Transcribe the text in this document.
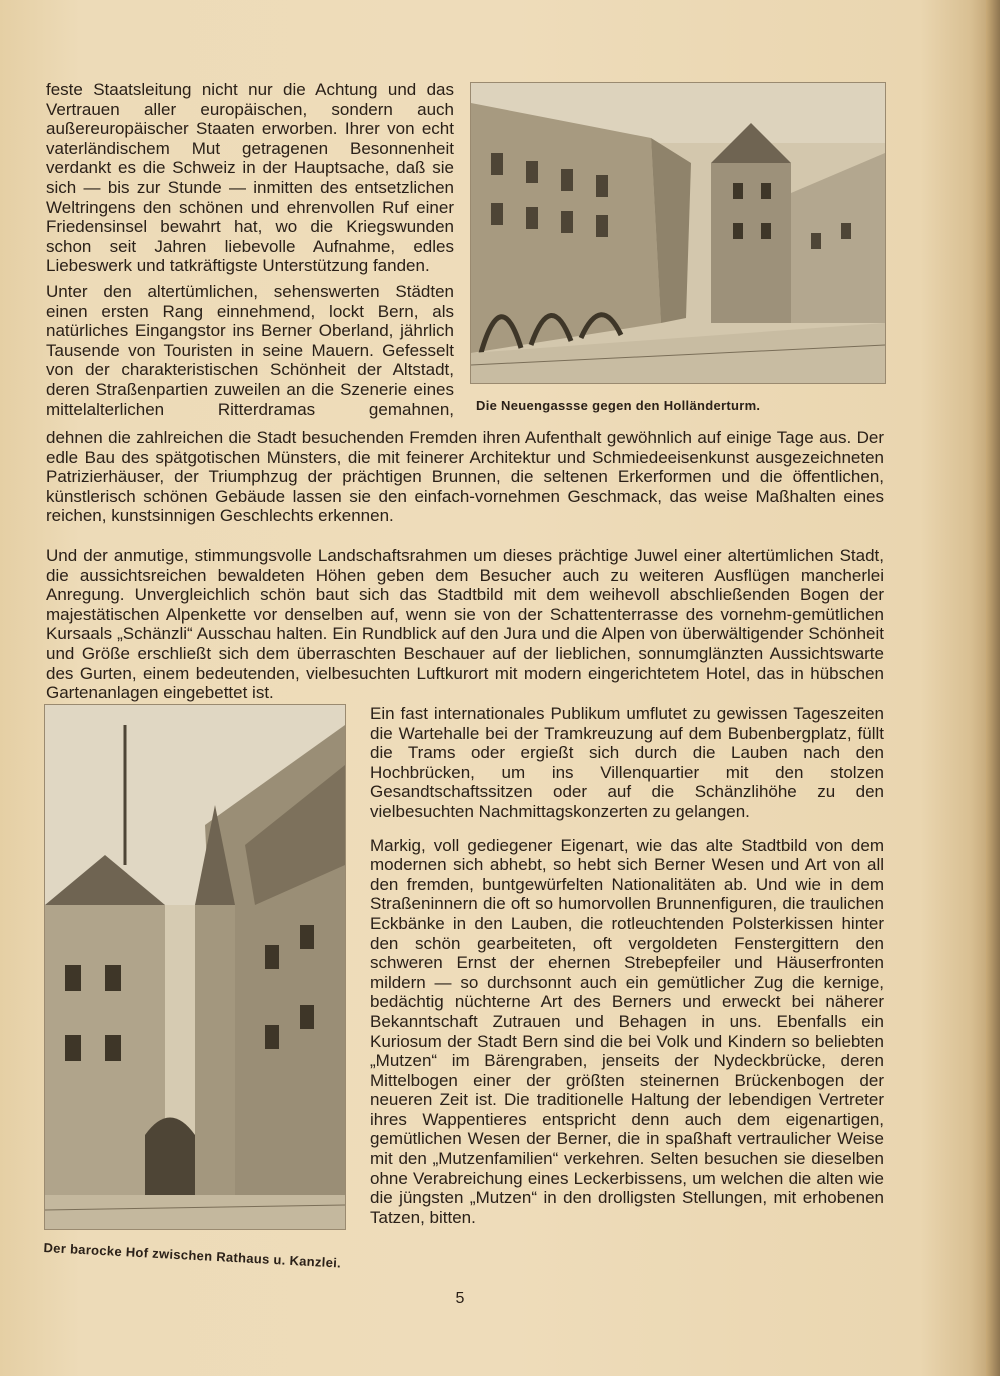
feste Staatsleitung nicht nur die Achtung und das Vertrauen aller europäischen, sondern auch außereuropäischer Staaten erworben. Ihrer von echt vaterländischem Mut getragenen Besonnenheit verdankt es die Schweiz in der Hauptsache, daß sie sich — bis zur Stunde — inmitten des entsetzlichen Weltringens den schönen und ehrenvollen Ruf einer Friedensinsel bewahrt hat, wo die Kriegswunden schon seit Jahren liebevolle Aufnahme, edles Liebeswerk und tatkräftigste Unterstützung fanden.

Unter den altertümlichen, sehenswerten Städten einen ersten Rang einnehmend, lockt Bern, als natürliches Eingangstor ins Berner Oberland, jährlich Tausende von Touristen in seine Mauern. Gefesselt von der charakteristischen Schönheit der Altstadt, deren Straßenpartien zuweilen an die Szenerie eines mittelalterlichen Ritterdramas gemahnen, Die Neuengassse gegen den Holländerturm.

dehnen die zahlreichen die Stadt besuchenden Fremden ihren Aufenthalt gewöhnlich auf einige Tage aus. Der edle Bau des spätgotischen Münsters, die mit feinerer Architektur und Schmiedeeisenkunst ausgezeichneten Patrizierhäuser, der Triumphzug der prächtigen Brunnen, die seltenen Erkerformen und die öffentlichen, künstlerisch schönen Gebäude lassen sie den einfach-vornehmen Geschmack, das weise Maßhalten eines reichen, kunstsinnigen Geschlechts erkennen.

Und der anmutige, stimmungsvolle Landschaftsrahmen um dieses prächtige Juwel einer altertümlichen Stadt, die aussichtsreichen bewaldeten Höhen geben dem Besucher auch zu weiteren Ausflügen mancherlei Anregung. Unvergleichlich schön baut sich das Stadtbild mit dem weihevoll abschließenden Bogen der majestätischen Alpenkette vor denselben auf, wenn sie von der Schattenterrasse des vornehm-gemütlichen Kursaals „Schänzli“ Ausschau halten. Ein Rundblick auf den Jura und die Alpen von überwältigender Schönheit und Größe erschließt sich dem überraschten Beschauer auf der lieblichen, sonnumglänzten Aussichtswarte des Gurten, einem bedeutenden, vielbesuchten Luftkurort mit modern eingerichtetem Hotel, das in hübschen Gartenanlagen eingebettet ist.

Der barocke Hof zwischen Rathaus u. Kanzlei.

Ein fast internationales Publikum umflutet zu gewissen Tageszeiten die Wartehalle bei der Tramkreuzung auf dem Bubenbergplatz, füllt die Trams oder ergießt sich durch die Lauben nach den Hochbrücken, um ins Villenquartier mit den stolzen Gesandtschaftssitzen oder auf die Schänzlihöhe zu den vielbesuchten Nachmittagskonzerten zu gelangen.

Markig, voll gediegener Eigenart, wie das alte Stadtbild von dem modernen sich abhebt, so hebt sich Berner Wesen und Art von all den fremden, buntgewürfelten Nationalitäten ab. Und wie in dem Straßeninnern die oft so humorvollen Brunnenfiguren, die traulichen Eckbänke in den Lauben, die rotleuchtenden Polsterkissen hinter den schön gearbeiteten, oft vergoldeten Fenstergittern den schweren Ernst der ehernen Strebepfeiler und Häuserfronten mildern — so durchsonnt auch ein gemütlicher Zug die kernige, bedächtig nüchterne Art des Berners und erweckt bei näherer Bekanntschaft Zutrauen und Behagen in uns. Ebenfalls ein Kuriosum der Stadt Bern sind die bei Volk und Kindern so beliebten „Mutzen“ im Bärengraben, jenseits der Nydeckbrücke, deren Mittelbogen einer der größten steinernen Brückenbogen der neueren Zeit ist. Die traditionelle Haltung der lebendigen Vertreter ihres Wappentieres entspricht denn auch dem eigenartigen, gemütlichen Wesen der Berner, die in spaßhaft vertraulicher Weise mit den „Mutzenfamilien“ verkehren. Selten besuchen sie dieselben ohne Verabreichung eines Leckerbissens, um welchen die alten wie die jüngsten „Mutzen“ in den drolligsten Stellungen, mit erhobenen Tatzen, bitten.

5
